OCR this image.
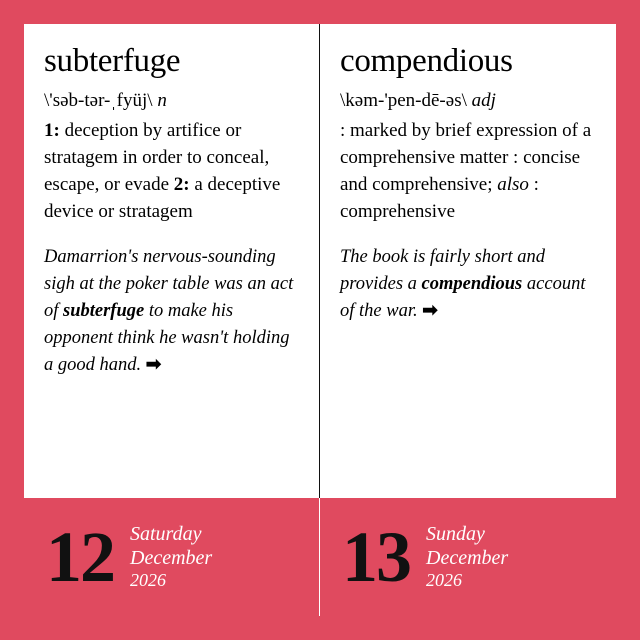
subterfuge
\'səb-tər-ˌfyüj\ n
1: deception by artifice or stratagem in order to conceal, escape, or evade 2: a deceptive device or stratagem
Damarrion's nervous-sounding sigh at the poker table was an act of subterfuge to make his opponent think he wasn't holding a good hand. ➡
compendious
\kəm-'pen-dē-əs\ adj
: marked by brief expression of a comprehensive matter : concise and comprehensive; also : comprehensive
The book is fairly short and provides a compendious account of the war. ➡
12 Saturday
December
2026	13 Sunday
December
2026
